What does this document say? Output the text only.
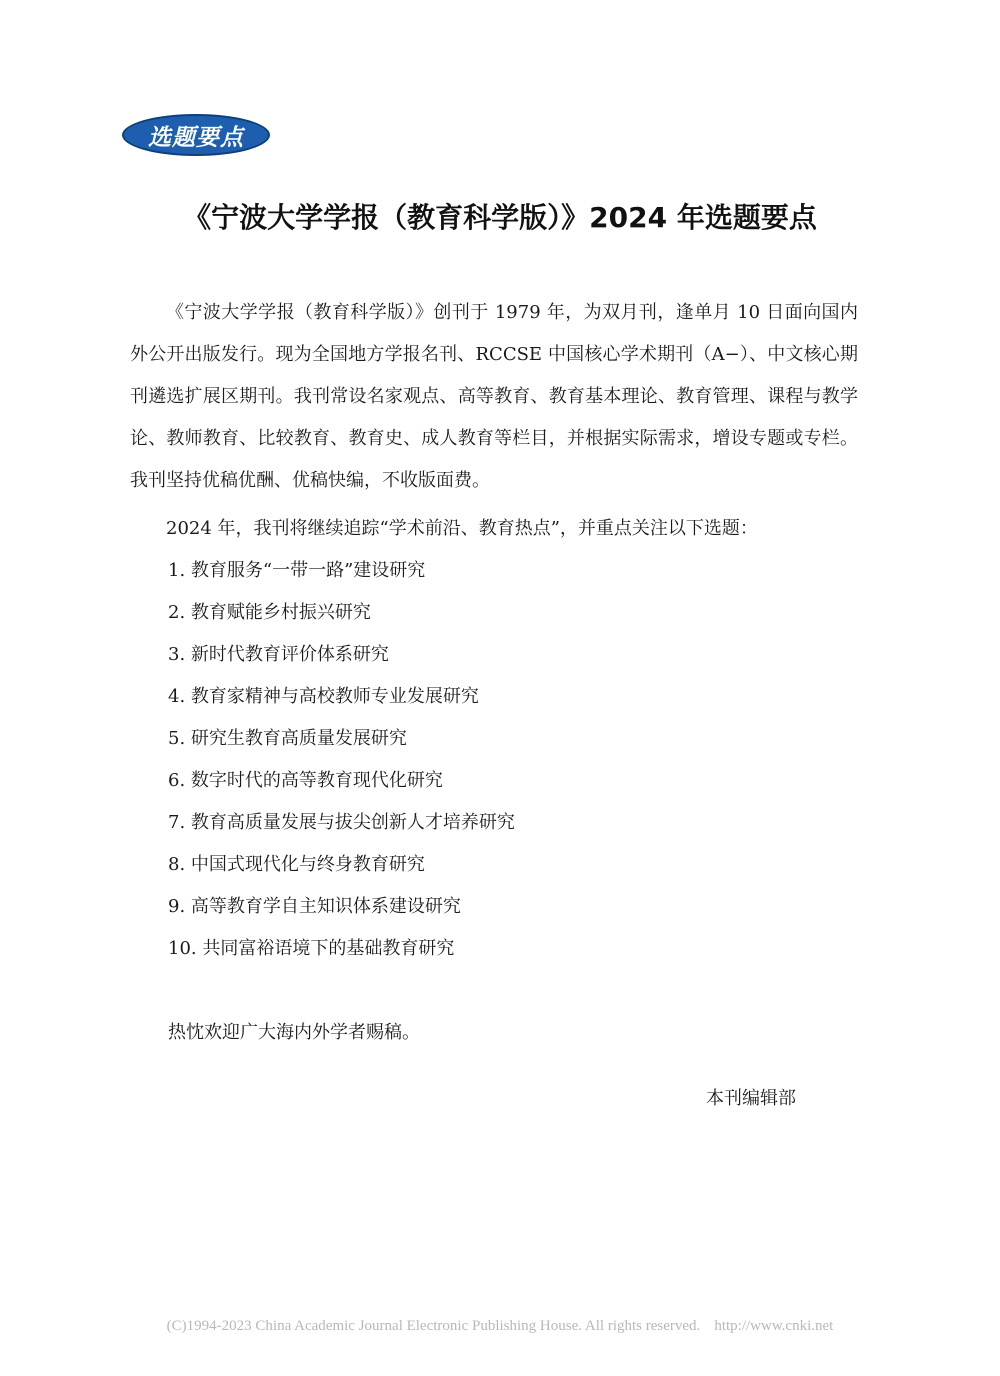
选题要点
《宁波大学学报（教育科学版）》2024 年选题要点

《宁波大学学报（教育科学版）》创刊于 1979 年，为双月刊，逢单月 10 日面向国内外公开出版发行。现为全国地方学报名刊、RCCSE 中国核心学术期刊（A−）、中文核心期刊遴选扩展区期刊。我刊常设名家观点、高等教育、教育基本理论、教育管理、课程与教学论、教师教育、比较教育、教育史、成人教育等栏目，并根据实际需求，增设专题或专栏。我刊坚持优稿优酬、优稿快编，不收版面费。

2024 年，我刊将继续追踪“学术前沿、教育热点”，并重点关注以下选题：

1. 教育服务“一带一路”建设研究
2. 教育赋能乡村振兴研究
3. 新时代教育评价体系研究
4. 教育家精神与高校教师专业发展研究
5. 研究生教育高质量发展研究
6. 数字时代的高等教育现代化研究
7. 教育高质量发展与拔尖创新人才培养研究
8. 中国式现代化与终身教育研究
9. 高等教育学自主知识体系建设研究
10. 共同富裕语境下的基础教育研究

热忱欢迎广大海内外学者赐稿。

本刊编辑部

(C)1994-2023 China Academic Journal Electronic Publishing House. All rights reserved. http://www.cnki.net
